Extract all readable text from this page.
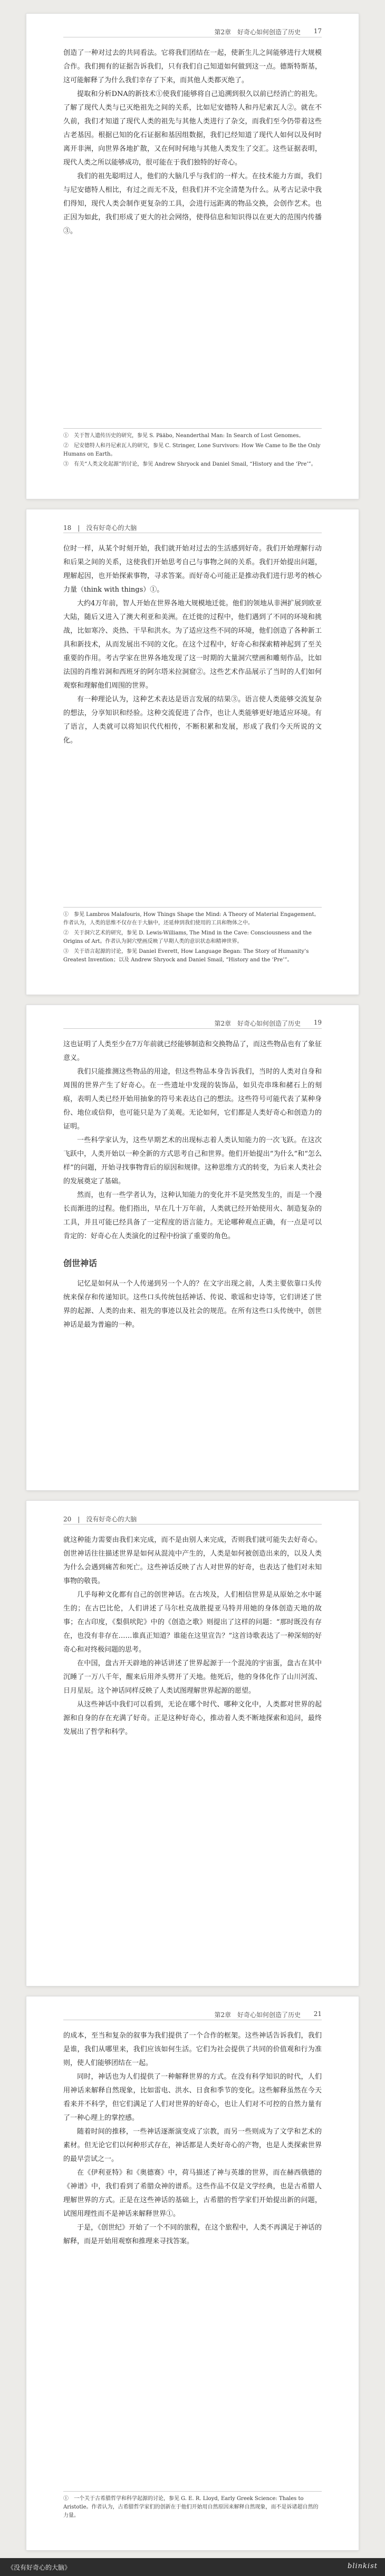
第2章　好奇心如何创造了历史 17

创造了一种对过去的共同看法。它将我们团结在一起，使新生儿之间能够进行大规模合作。我们拥有的证据告诉我们，只有我们自己知道如何做到这一点。德斯特斯基，这可能解释了为什么我们幸存了下来，而其他人类都灭绝了。

提取和分析DNA的新技术①使我们能够将自己追溯到很久以前已经消亡的祖先。了解了现代人类与已灭绝祖先之间的关系，比如尼安德特人和丹尼索瓦人②。就在不久前，我们才知道了现代人类的祖先与其他人类进行了杂交，而我们至今仍带着这些古老基因。根据已知的化石证据和基因组数据，我们已经知道了现代人如何以及何时离开非洲，向世界各地扩散，又在何时何地与其他人类发生了交汇。这些证据表明，现代人类之所以能够成功，很可能在于我们独特的好奇心。

我们的祖先聪明过人，他们的大脑几乎与我们的一样大。在技术能力方面，我们与尼安德特人相比，有过之而无不及，但我们并不完全清楚为什么。从考古记录中我们得知，现代人类会制作更复杂的工具，会进行远距离的物品交换，会创作艺术。也正因为如此，我们形成了更大的社会网络，使得信息和知识得以在更大的范围内传播③。

①　关于智人遗传历史的研究，参见 S. Pääbo, Neanderthal Man: In Search of Lost Genomes。
②　尼安德特人和丹尼索瓦人的研究，参见 C. Stringer, Lone Survivors: How We Came to Be the Only Humans on Earth。
③　有关“人类文化起源”的讨论，参见 Andrew Shryock and Daniel Smail, “History and the ‘Pre’”。
18　|　没有好奇心的大脑

位时一样，从某个时刻开始，我们就开始对过去的生活感到好奇。我们开始理解行动和后果之间的关系，这使我们开始思考自己与事物之间的关系。我们开始提出问题，理解起因，也开始探索事物，寻求答案。而好奇心可能正是推动我们进行思考的核心力量（think with things）①。

大约4万年前，智人开始在世界各地大规模地迁徙。他们的领地从非洲扩展到欧亚大陆，随后又进入了澳大利亚和美洲。在迁徙的过程中，他们遇到了不同的环境和挑战，比如寒冷、炎热、干旱和洪水。为了适应这些不同的环境，他们创造了各种新工具和新技术，从而发展出不同的文化。在这个过程中，好奇心和探索精神起到了至关重要的作用。考古学家在世界各地发现了这一时期的大量洞穴壁画和雕刻作品，比如法国的肖维岩洞和西班牙的阿尔塔米拉洞窟②。这些艺术作品展示了当时的人们如何观察和理解他们周围的世界。

有一种理论认为，这种艺术表达是语言发展的结果③。语言使人类能够交流复杂的想法，分享知识和经验。这种交流促进了合作，也让人类能够更好地适应环境。有了语言，人类就可以将知识代代相传，不断积累和发展，形成了我们今天所说的文化。

①　参见 Lambros Malafouris, How Things Shape the Mind: A Theory of Material Engagement。作者认为，人类的思维不仅存在于大脑中，还延伸到我们使用的工具和物体之中。
②　关于洞穴艺术的研究，参见 D. Lewis-Williams, The Mind in the Cave: Consciousness and the Origins of Art。作者认为洞穴壁画反映了早期人类的意识状态和精神世界。
③　关于语言起源的讨论，参见 Daniel Everett, How Language Began: The Story of Humanity’s Greatest Invention；以及 Andrew Shryock and Daniel Smail, “History and the ‘Pre’”。
第2章　好奇心如何创造了历史 19

这也证明了人类至少在7万年前就已经能够制造和交换物品了，而这些物品也有了象征意义。

我们只能推测这些物品的用途，但这些物品本身告诉我们，当时的人类对自身和周围的世界产生了好奇心。在一些遗址中发现的装饰品，如贝壳串珠和赭石上的刻痕，表明人类已经开始用抽象的符号来表达自己的想法。这些符号可能代表了某种身份、地位或信仰，也可能只是为了美观。无论如何，它们都是人类好奇心和创造力的证明。

一些科学家认为，这些早期艺术的出现标志着人类认知能力的一次飞跃。在这次飞跃中，人类开始以一种全新的方式思考自己和世界。他们开始提出“为什么”和“怎么样”的问题，开始寻找事物背后的原因和规律。这种思维方式的转变，为后来人类社会的发展奠定了基础。

然而，也有一些学者认为，这种认知能力的变化并不是突然发生的，而是一个漫长而渐进的过程。他们指出，早在几十万年前，人类就已经开始使用火、制造复杂的工具，并且可能已经具备了一定程度的语言能力。无论哪种观点正确，有一点是可以肯定的：好奇心在人类演化的过程中扮演了重要的角色。

创世神话

记忆是如何从一个人传递到另一个人的？在文字出现之前，人类主要依靠口头传统来保存和传递知识。这些口头传统包括神话、传说、歌谣和史诗等，它们讲述了世界的起源、人类的由来、祖先的事迹以及社会的规范。在所有这些口头传统中，创世神话是最为普遍的一种。

20　|　没有好奇心的大脑

就这种能力需要由我们来完成，而不是由别人来完成，否则我们就可能失去好奇心。创世神话往往描述世界是如何从混沌中产生的，人类是如何被创造出来的，以及人类为什么会遇到痛苦和死亡。这些神话反映了古人对世界的好奇，也表达了他们对未知事物的敬畏。

几乎每种文化都有自己的创世神话。在古埃及，人们相信世界是从原始之水中诞生的；在古巴比伦，人们讲述了马尔杜克战胜提亚马特并用她的身体创造天地的故事；在古印度，《梨俱吠陀》中的《创造之歌》则提出了这样的问题：“那时既没有存在，也没有非存在……谁真正知道？谁能在这里宣告？”这首诗歌表达了一种深刻的好奇心和对终极问题的思考。

在中国，盘古开天辟地的神话讲述了世界起源于一个混沌的宇宙蛋，盘古在其中沉睡了一万八千年，醒来后用斧头劈开了天地。他死后，他的身体化作了山川河流、日月星辰。这个神话同样反映了人类试图理解世界起源的愿望。

从这些神话中我们可以看到，无论在哪个时代、哪种文化中，人类都对世界的起源和自身的存在充满了好奇。正是这种好奇心，推动着人类不断地探索和追问，最终发展出了哲学和科学。

第2章　好奇心如何创造了历史 21

的成本，至当和复杂的叙事为我们提供了一个合作的框架。这些神话告诉我们，我们是谁，我们从哪里来，我们应该如何生活。它们为社会提供了共同的价值观和行为准则，使人们能够团结在一起。

同时，神话也为人们提供了一种解释世界的方式。在没有科学知识的时代，人们用神话来解释自然现象，比如雷电、洪水、日食和季节的变化。这些解释虽然在今天看来并不科学，但它们满足了人们对世界的好奇心，也让人们对不可控的自然力量有了一种心理上的掌控感。

随着时间的推移，一些神话逐渐演变成了宗教，而另一些则成为了文学和艺术的素材。但无论它们以何种形式存在，神话都是人类好奇心的产物，也是人类探索世界的最早尝试之一。

在《伊利亚特》和《奥德赛》中，荷马描述了神与英雄的世界，而在赫西俄德的《神谱》中，我们看到了希腊众神的谱系。这些作品不仅是文学经典，也是古希腊人理解世界的方式。正是在这些神话的基础上，古希腊的哲学家们开始提出新的问题，试图用理性而不是神话来解释世界①。

于是，《创世纪》开始了一个不同的旅程，在这个旅程中，人类不再满足于神话的解释，而是开始用观察和推理来寻找答案。

①　一个关于古希腊哲学和科学起源的讨论，参见 G. E. R. Lloyd, Early Greek Science: Thales to Aristotle。作者认为，古希腊哲学家们的创新在于他们开始用自然原因来解释自然现象，而不是诉诸超自然的力量。
《没有好奇心的大脑》	blinkist
